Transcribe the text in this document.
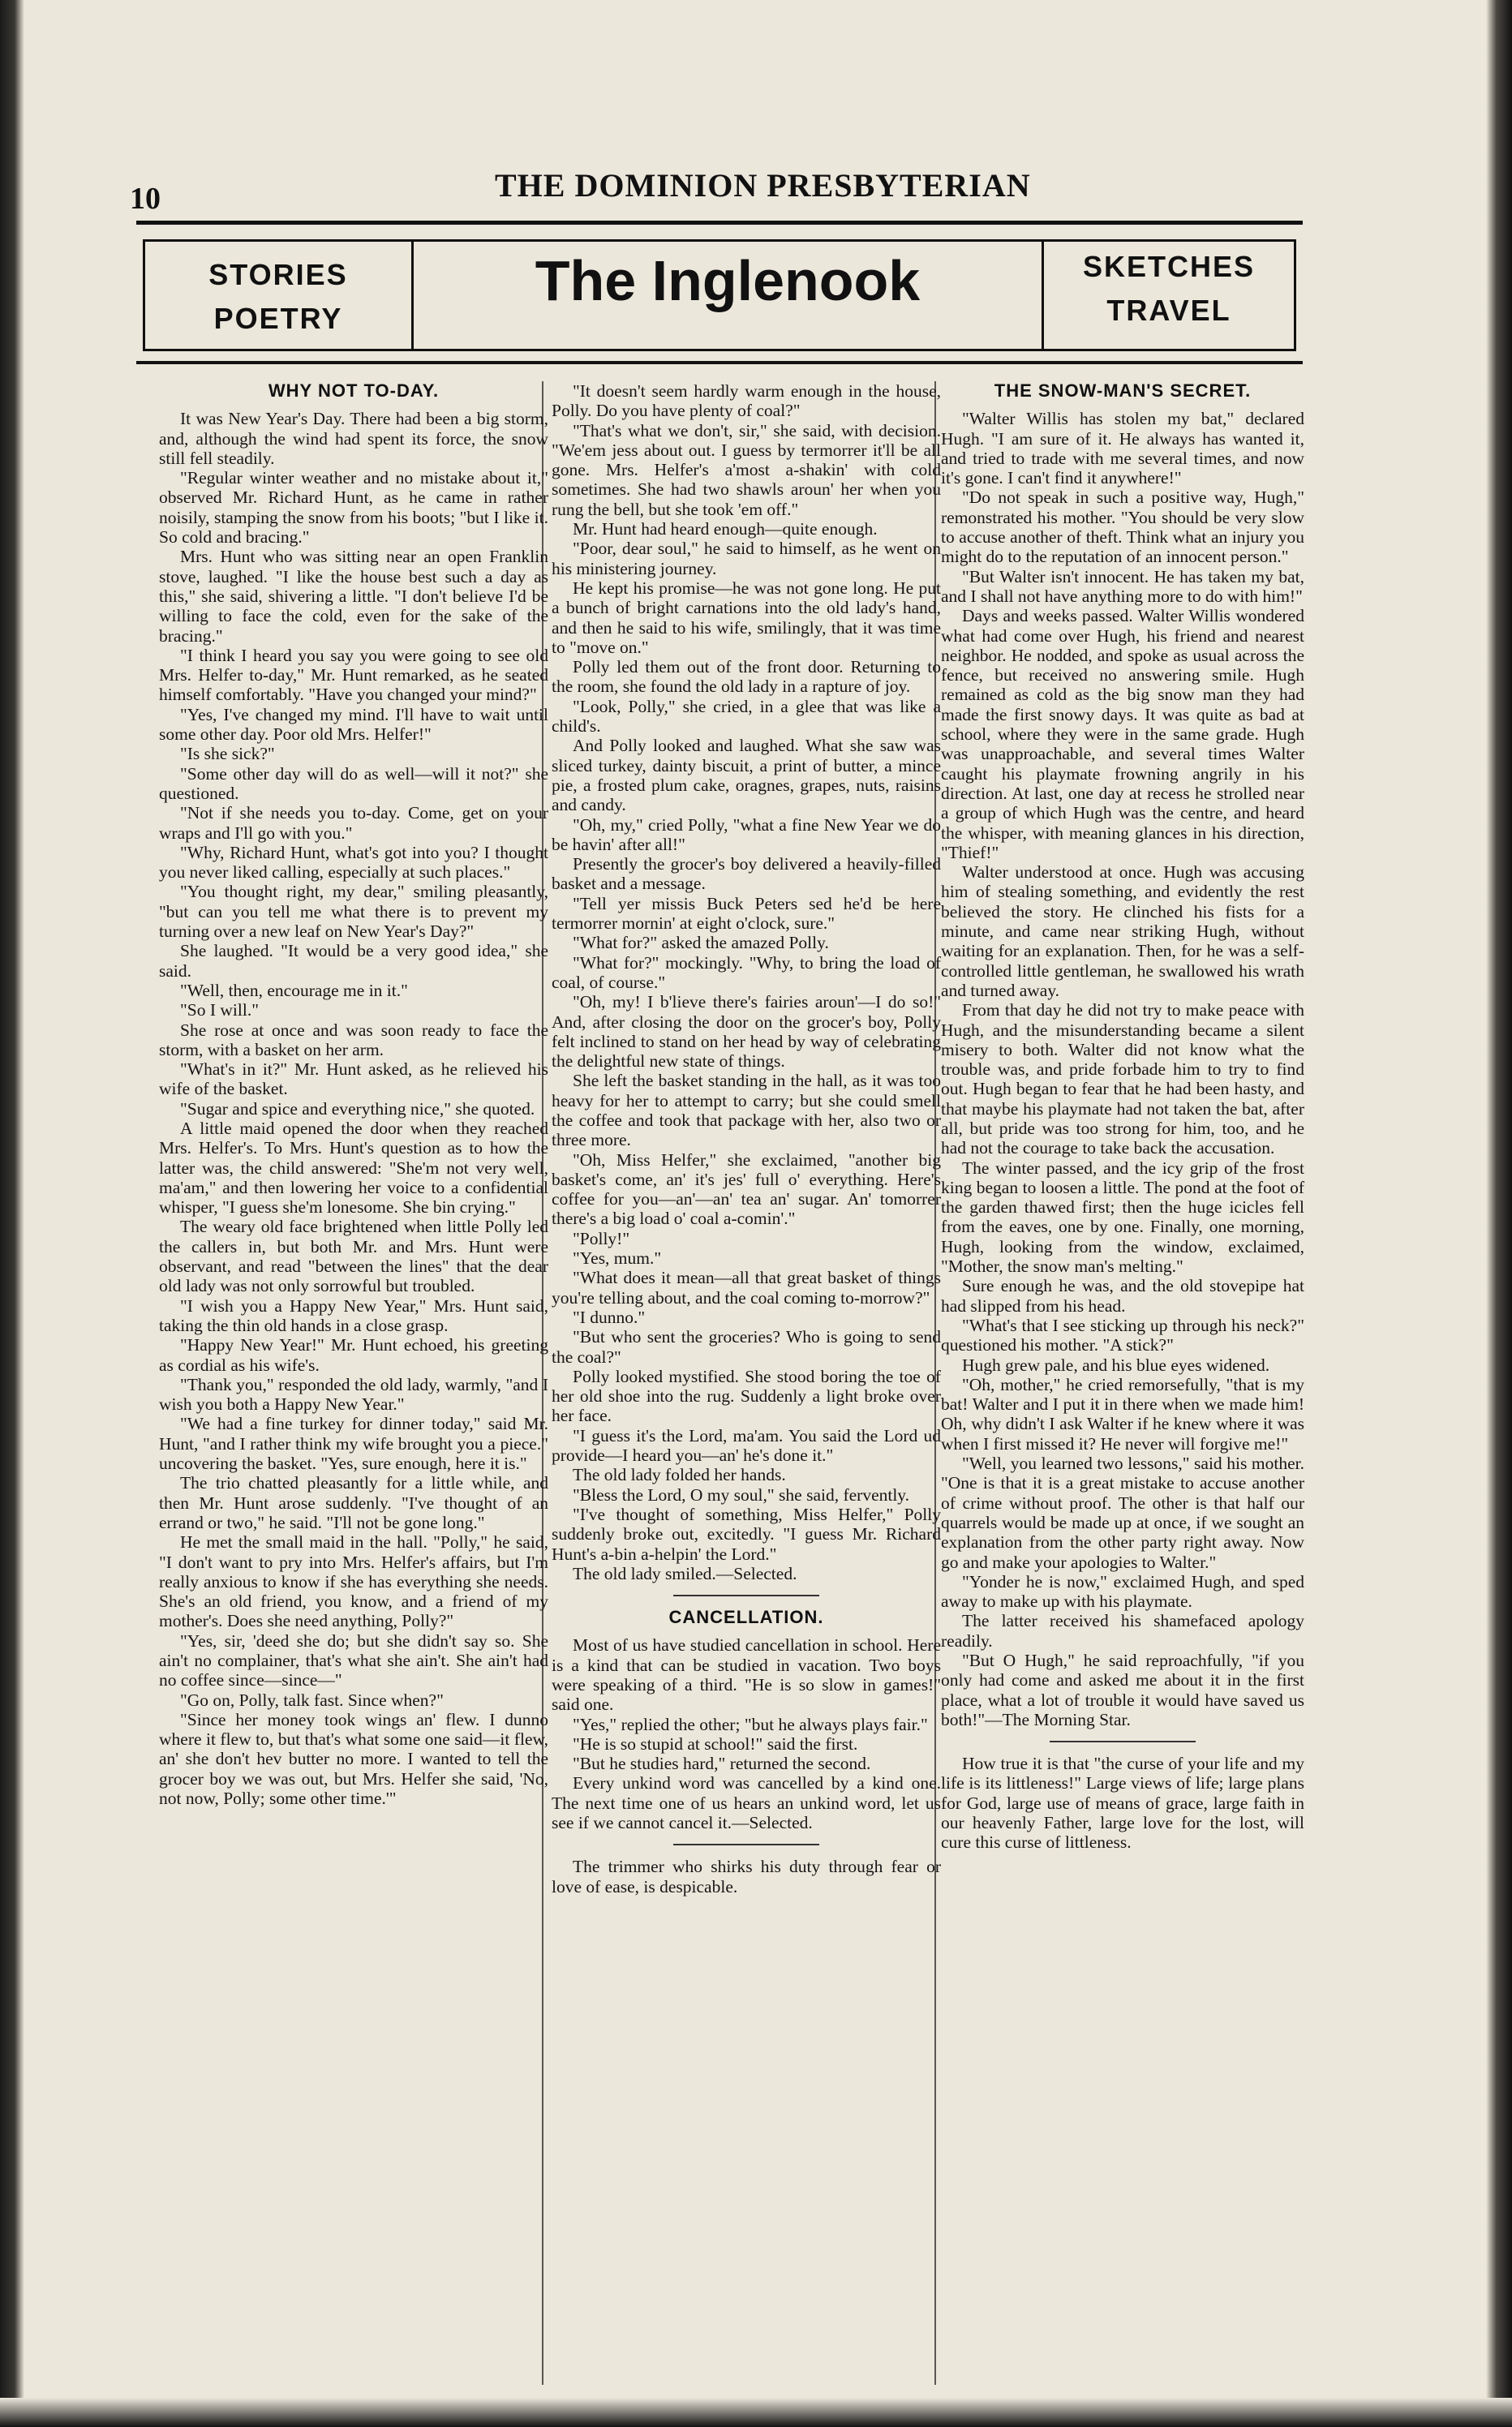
10	THE DOMINION PRESBYTERIAN
STORIES
POETRY
The Inglenook	SKETCHES
TRAVEL
WHY NOT TO-DAY.

It was New Year's Day. There had been a big storm, and, although the wind had spent its force, the snow still fell steadily.

"Regular winter weather and no mistake about it," observed Mr. Richard Hunt, as he came in rather noisily, stamping the snow from his boots; "but I like it. So cold and bracing."

Mrs. Hunt who was sitting near an open Franklin stove, laughed. "I like the house best such a day as this," she said, shivering a little. "I don't believe I'd be willing to face the cold, even for the sake of the bracing."

"I think I heard you say you were going to see old Mrs. Helfer to-day," Mr. Hunt remarked, as he seated himself comfortably. "Have you changed your mind?"

"Yes, I've changed my mind. I'll have to wait until some other day. Poor old Mrs. Helfer!"

"Is she sick?"

"Some other day will do as well—will it not?" she questioned.

"Not if she needs you to-day. Come, get on your wraps and I'll go with you."

"Why, Richard Hunt, what's got into you? I thought you never liked calling, especially at such places."

"You thought right, my dear," smiling pleasantly, "but can you tell me what there is to prevent my turning over a new leaf on New Year's Day?"

She laughed. "It would be a very good idea," she said.

"Well, then, encourage me in it."

"So I will."

She rose at once and was soon ready to face the storm, with a basket on her arm.

"What's in it?" Mr. Hunt asked, as he relieved his wife of the basket.

"Sugar and spice and everything nice," she quoted.

A little maid opened the door when they reached Mrs. Helfer's. To Mrs. Hunt's question as to how the latter was, the child answered: "She'm not very well, ma'am," and then lowering her voice to a confidential whisper, "I guess she'm lonesome. She bin crying."

The weary old face brightened when little Polly led the callers in, but both Mr. and Mrs. Hunt were observant, and read "between the lines" that the dear old lady was not only sorrowful but troubled.

"I wish you a Happy New Year," Mrs. Hunt said, taking the thin old hands in a close grasp.

"Happy New Year!" Mr. Hunt echoed, his greeting as cordial as his wife's.

"Thank you," responded the old lady, warmly, "and I wish you both a Happy New Year."

"We had a fine turkey for dinner today," said Mr. Hunt, "and I rather think my wife brought you a piece." uncovering the basket. "Yes, sure enough, here it is."

The trio chatted pleasantly for a little while, and then Mr. Hunt arose suddenly. "I've thought of an errand or two," he said. "I'll not be gone long."

He met the small maid in the hall. "Polly," he said, "I don't want to pry into Mrs. Helfer's affairs, but I'm really anxious to know if she has everything she needs. She's an old friend, you know, and a friend of my mother's. Does she need anything, Polly?"

"Yes, sir, 'deed she do; but she didn't say so. She ain't no complainer, that's what she ain't. She ain't had no coffee since—since—"

"Go on, Polly, talk fast. Since when?"

"Since her money took wings an' flew. I dunno where it flew to, but that's what some one said—it flew, an' she don't hev butter no more. I wanted to tell the grocer boy we was out, but Mrs. Helfer she said, 'No, not now, Polly; some other time.'"

"It doesn't seem hardly warm enough in the house, Polly. Do you have plenty of coal?"

"That's what we don't, sir," she said, with decision. "We'em jess about out. I guess by termorrer it'll be all gone. Mrs. Helfer's a'most a-shakin' with cold sometimes. She had two shawls aroun' her when you rung the bell, but she took 'em off."

Mr. Hunt had heard enough—quite enough.

"Poor, dear soul," he said to himself, as he went on his ministering journey.

He kept his promise—he was not gone long. He put a bunch of bright carnations into the old lady's hand, and then he said to his wife, smilingly, that it was time to "move on."

Polly led them out of the front door. Returning to the room, she found the old lady in a rapture of joy.

"Look, Polly," she cried, in a glee that was like a child's.

And Polly looked and laughed. What she saw was sliced turkey, dainty biscuit, a print of butter, a mince pie, a frosted plum cake, oragnes, grapes, nuts, raisins and candy.

"Oh, my," cried Polly, "what a fine New Year we do be havin' after all!"

Presently the grocer's boy delivered a heavily-filled basket and a message.

"Tell yer missis Buck Peters sed he'd be here termorrer mornin' at eight o'clock, sure."

"What for?" asked the amazed Polly.

"What for?" mockingly. "Why, to bring the load of coal, of course."

"Oh, my! I b'lieve there's fairies aroun'—I do so!" And, after closing the door on the grocer's boy, Polly felt inclined to stand on her head by way of celebrating the delightful new state of things.

She left the basket standing in the hall, as it was too heavy for her to attempt to carry; but she could smell the coffee and took that package with her, also two or three more.

"Oh, Miss Helfer," she exclaimed, "another big basket's come, an' it's jes' full o' everything. Here's coffee for you—an'—an' tea an' sugar. An' tomorrer there's a big load o' coal a-comin'."

"Polly!"

"Yes, mum."

"What does it mean—all that great basket of things you're telling about, and the coal coming to-morrow?"

"I dunno."

"But who sent the groceries? Who is going to send the coal?"

Polly looked mystified. She stood boring the toe of her old shoe into the rug. Suddenly a light broke over her face.

"I guess it's the Lord, ma'am. You said the Lord ud provide—I heard you—an' he's done it."

The old lady folded her hands.

"Bless the Lord, O my soul," she said, fervently.

"I've thought of something, Miss Helfer," Polly suddenly broke out, excitedly. "I guess Mr. Richard Hunt's a-bin a-helpin' the Lord."

The old lady smiled.—Selected.

CANCELLATION.

Most of us have studied cancellation in school. Here is a kind that can be studied in vacation. Two boys were speaking of a third. "He is so slow in games!" said one.

"Yes," replied the other; "but he always plays fair."

"He is so stupid at school!" said the first.

"But he studies hard," returned the second.

Every unkind word was cancelled by a kind one. The next time one of us hears an unkind word, let us see if we cannot cancel it.—Selected.

The trimmer who shirks his duty through fear or love of ease, is despicable.

THE SNOW-MAN'S SECRET.

"Walter Willis has stolen my bat," declared Hugh. "I am sure of it. He always has wanted it, and tried to trade with me several times, and now it's gone. I can't find it anywhere!"

"Do not speak in such a positive way, Hugh," remonstrated his mother. "You should be very slow to accuse another of theft. Think what an injury you might do to the reputation of an innocent person."

"But Walter isn't innocent. He has taken my bat, and I shall not have anything more to do with him!"

Days and weeks passed. Walter Willis wondered what had come over Hugh, his friend and nearest neighbor. He nodded, and spoke as usual across the fence, but received no answering smile. Hugh remained as cold as the big snow man they had made the first snowy days. It was quite as bad at school, where they were in the same grade. Hugh was unapproachable, and several times Walter caught his playmate frowning angrily in his direction. At last, one day at recess he strolled near a group of which Hugh was the centre, and heard the whisper, with meaning glances in his direction, "Thief!"

Walter understood at once. Hugh was accusing him of stealing something, and evidently the rest believed the story. He clinched his fists for a minute, and came near striking Hugh, without waiting for an explanation. Then, for he was a self-controlled little gentleman, he swallowed his wrath and turned away.

From that day he did not try to make peace with Hugh, and the misunderstanding became a silent misery to both. Walter did not know what the trouble was, and pride forbade him to try to find out. Hugh began to fear that he had been hasty, and that maybe his playmate had not taken the bat, after all, but pride was too strong for him, too, and he had not the courage to take back the accusation.

The winter passed, and the icy grip of the frost king began to loosen a little. The pond at the foot of the garden thawed first; then the huge icicles fell from the eaves, one by one. Finally, one morning, Hugh, looking from the window, exclaimed, "Mother, the snow man's melting."

Sure enough he was, and the old stovepipe hat had slipped from his head.

"What's that I see sticking up through his neck?" questioned his mother. "A stick?"

Hugh grew pale, and his blue eyes widened.

"Oh, mother," he cried remorsefully, "that is my bat! Walter and I put it in there when we made him! Oh, why didn't I ask Walter if he knew where it was when I first missed it? He never will forgive me!"

"Well, you learned two lessons," said his mother. "One is that it is a great mistake to accuse another of crime without proof. The other is that half our quarrels would be made up at once, if we sought an explanation from the other party right away. Now go and make your apologies to Walter."

"Yonder he is now," exclaimed Hugh, and sped away to make up with his playmate.

The latter received his shamefaced apology readily.

"But O Hugh," he said reproachfully, "if you only had come and asked me about it in the first place, what a lot of trouble it would have saved us both!"—The Morning Star.

How true it is that "the curse of your life and my life is its littleness!" Large views of life; large plans for God, large use of means of grace, large faith in our heavenly Father, large love for the lost, will cure this curse of littleness.
